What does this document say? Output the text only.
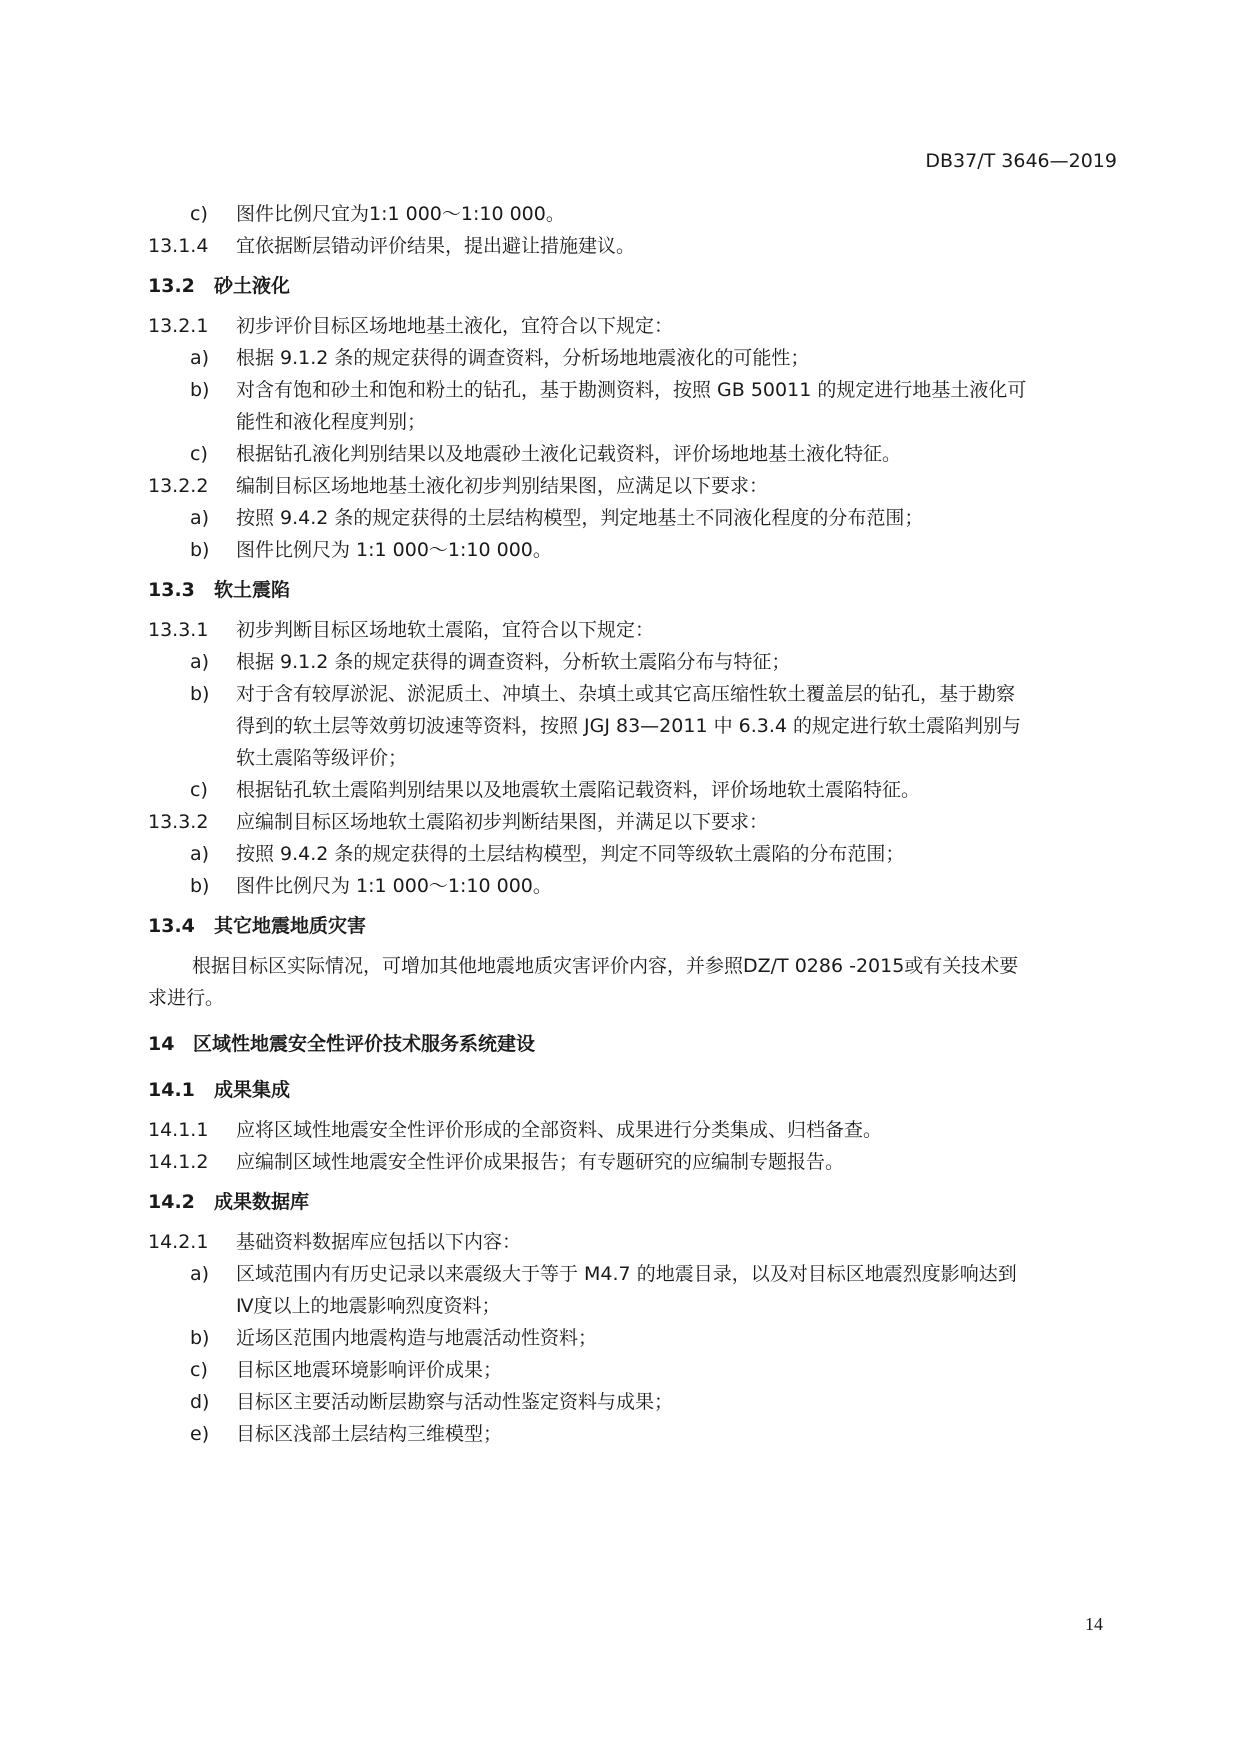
DB37/T 3646—2019
c)	图件比例尺宜为1:1 000～1:10 000。
13.1.4	宜依据断层错动评价结果，提出避让措施建议。
13.2	砂土液化
13.2.1	初步评价目标区场地地基土液化，宜符合以下规定：
a)	根据 9.1.2 条的规定获得的调查资料，分析场地地震液化的可能性；
b)	对含有饱和砂土和饱和粉土的钻孔，基于勘测资料，按照 GB 50011 的规定进行地基土液化可
能性和液化程度判别；
c)	根据钻孔液化判别结果以及地震砂土液化记载资料，评价场地地基土液化特征。
13.2.2	编制目标区场地地基土液化初步判别结果图，应满足以下要求：
a)	按照 9.4.2 条的规定获得的土层结构模型，判定地基土不同液化程度的分布范围；
b)	图件比例尺为 1:1 000～1:10 000。
13.3	软土震陷
13.3.1	初步判断目标区场地软土震陷，宜符合以下规定：
a)	根据 9.1.2 条的规定获得的调查资料，分析软土震陷分布与特征；
b)	对于含有较厚淤泥、淤泥质土、冲填土、杂填土或其它高压缩性软土覆盖层的钻孔，基于勘察
得到的软土层等效剪切波速等资料，按照 JGJ 83—2011 中 6.3.4 的规定进行软土震陷判别与
软土震陷等级评价；
c)	根据钻孔软土震陷判别结果以及地震软土震陷记载资料，评价场地软土震陷特征。
13.3.2	应编制目标区场地软土震陷初步判断结果图，并满足以下要求：
a)	按照 9.4.2 条的规定获得的土层结构模型，判定不同等级软土震陷的分布范围；
b)	图件比例尺为 1:1 000～1:10 000。
13.4	其它地震地质灾害
根据目标区实际情况，可增加其他地震地质灾害评价内容，并参照DZ/T 0286 -2015或有关技术要
求进行。
14 区域性地震安全性评价技术服务系统建设
14.1	成果集成
14.1.1	应将区域性地震安全性评价形成的全部资料、成果进行分类集成、归档备查。
14.1.2	应编制区域性地震安全性评价成果报告；有专题研究的应编制专题报告。
14.2	成果数据库
14.2.1	基础资料数据库应包括以下内容：
a)	区域范围内有历史记录以来震级大于等于 M4.7 的地震目录，以及对目标区地震烈度影响达到
Ⅳ度以上的地震影响烈度资料；
b)	近场区范围内地震构造与地震活动性资料；
c)	目标区地震环境影响评价成果；
d)	目标区主要活动断层勘察与活动性鉴定资料与成果；
e)	目标区浅部土层结构三维模型；
14
